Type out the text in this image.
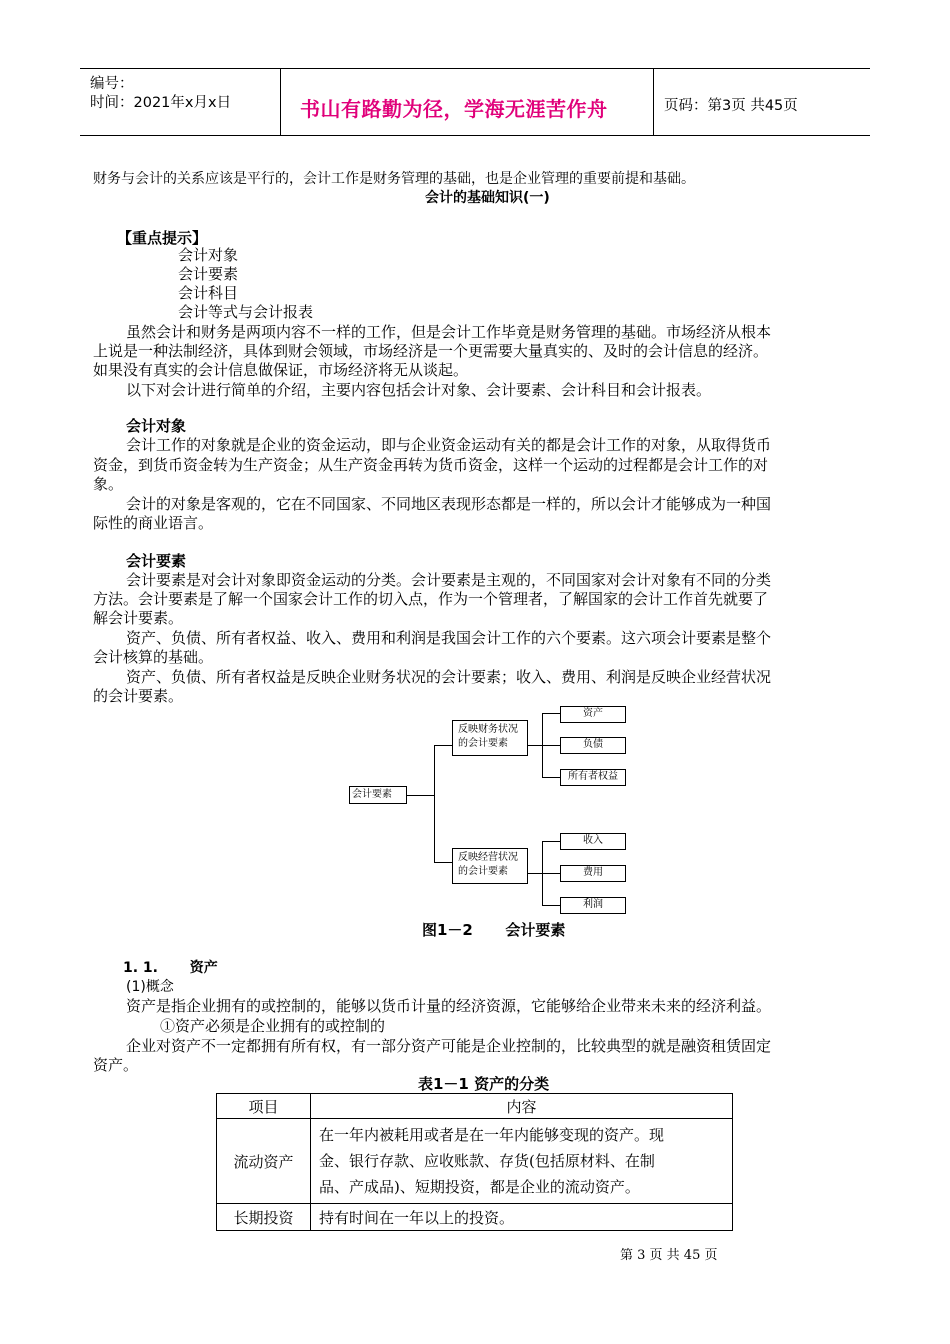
编号：
时间：2021年x月x日	书山有路勤为径，学海无涯苦作舟	页码：第3页 共45页
财务与会计的关系应该是平行的，会计工作是财务管理的基础，也是企业管理的重要前提和基础。
会计的基础知识(一)
【重点提示】
会计对象
会计要素
会计科目
会计等式与会计报表
虽然会计和财务是两项内容不一样的工作，但是会计工作毕竟是财务管理的基础。市场经济从根本
上说是一种法制经济，具体到财会领域，市场经济是一个更需要大量真实的、及时的会计信息的经济。
如果没有真实的会计信息做保证，市场经济将无从谈起。
以下对会计进行简单的介绍，主要内容包括会计对象、会计要素、会计科目和会计报表。
会计对象
会计工作的对象就是企业的资金运动，即与企业资金运动有关的都是会计工作的对象，从取得货币
资金，到货币资金转为生产资金；从生产资金再转为货币资金，这样一个运动的过程都是会计工作的对
象。
会计的对象是客观的，它在不同国家、不同地区表现形态都是一样的，所以会计才能够成为一种国
际性的商业语言。
会计要素
会计要素是对会计对象即资金运动的分类。会计要素是主观的，不同国家对会计对象有不同的分类
方法。会计要素是了解一个国家会计工作的切入点，作为一个管理者，了解国家的会计工作首先就要了
解会计要素。
资产、负债、所有者权益、收入、费用和利润是我国会计工作的六个要素。这六项会计要素是整个
会计核算的基础。
资产、负债、所有者权益是反映企业财务状况的会计要素；收入、费用、利润是反映企业经营状况
的会计要素。
会计要素
反映财务状况
的会计要素
资产
负债
所有者权益
反映经营状况
的会计要素
收入
费用
利润
图1－2 会计要素
1. 1. 资产
(1)概念
资产是指企业拥有的或控制的，能够以货币计量的经济资源，它能够给企业带来未来的经济利益。
①资产必须是企业拥有的或控制的
企业对资产不一定都拥有所有权，有一部分资产可能是企业控制的，比较典型的就是融资租赁固定
资产。
表1－1 资产的分类
项目	内容
流动资产	在一年内被耗用或者是在一年内能够变现的资产。现
金、银行存款、应收账款、存货(包括原材料、在制
品、产成品)、短期投资，都是企业的流动资产。

长期投资	持有时间在一年以上的投资。
第 3 页 共 45 页
